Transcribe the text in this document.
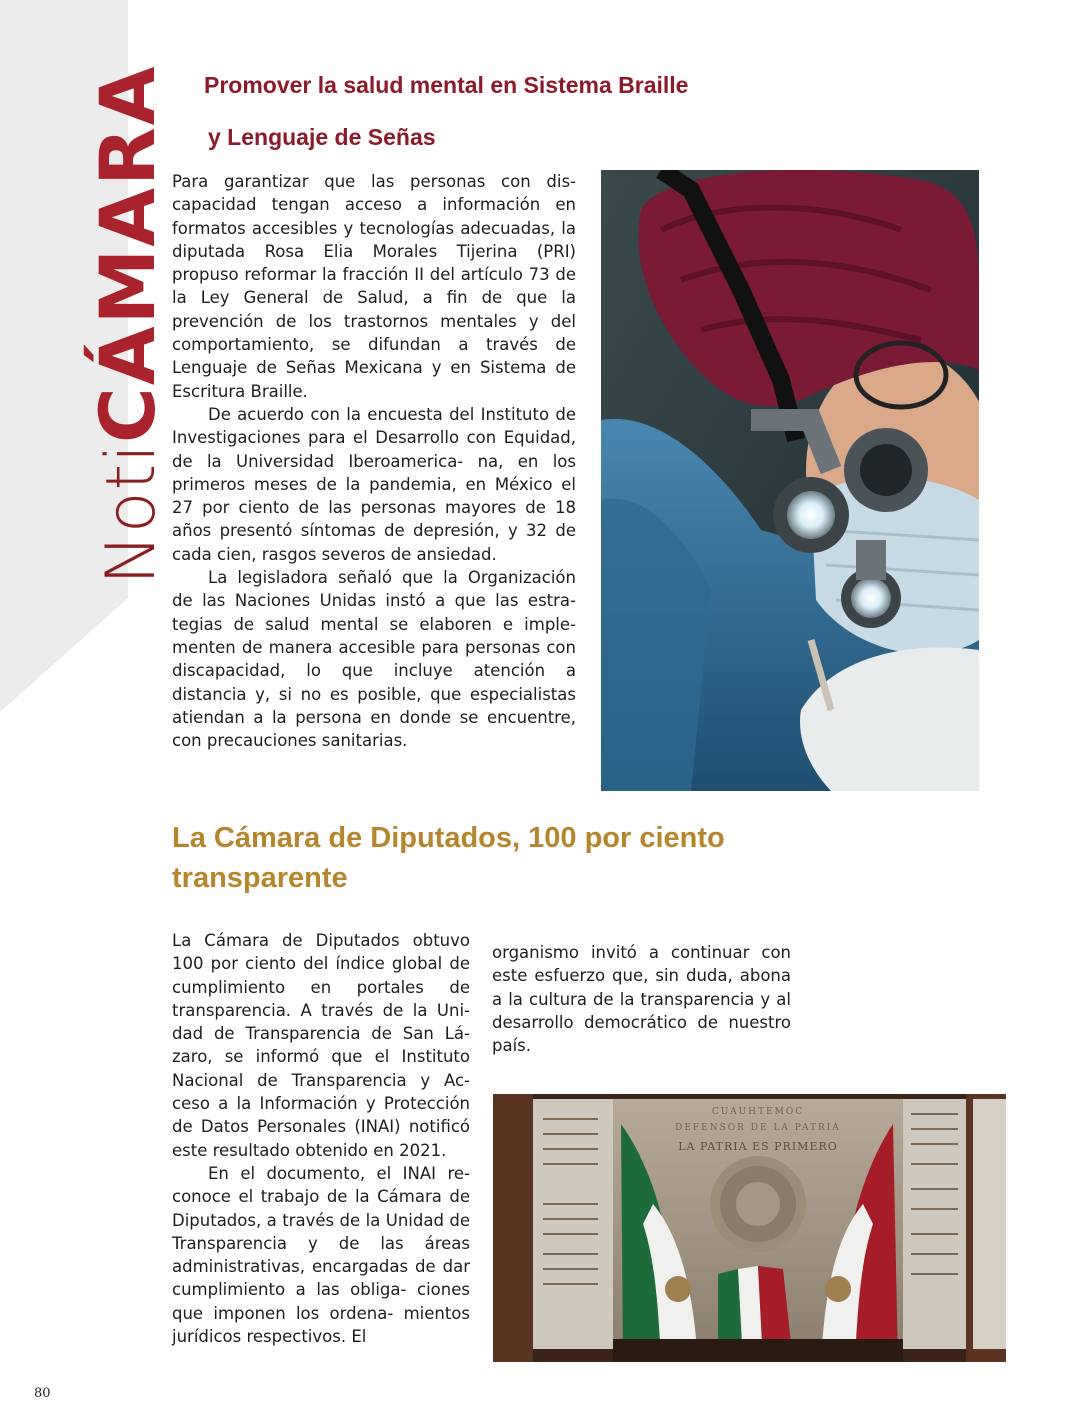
NotiCÁMARA Promover la salud mental en Sistema Braille
y Lenguaje de Señas

Para garantizar que las personas con dis- capacidad tengan acceso a información en formatos accesibles y tecnologías adecuadas, la diputada Rosa Elia Morales Tijerina (PRI) propuso reformar la fracción II del artículo 73 de la Ley General de Salud, a fin de que la prevención de los trastornos mentales y del comportamiento, se difundan a través de Lenguaje de Señas Mexicana y en Sistema de Escritura Braille.

De acuerdo con la encuesta del Instituto de Investigaciones para el Desarrollo con Equidad, de la Universidad Iberoamerica- na, en los primeros meses de la pandemia, en México el 27 por ciento de las personas mayores de 18 años presentó síntomas de depresión, y 32 de cada cien, rasgos severos de ansiedad.

La legisladora señaló que la Organización de las Naciones Unidas instó a que las estra- tegias de salud mental se elaboren e imple- menten de manera accesible para personas con discapacidad, lo que incluye atención a distancia y, si no es posible, que especialistas atiendan a la persona en donde se encuentre, con precauciones sanitarias.

La Cámara de Diputados, 100 por ciento
transparente

La Cámara de Diputados obtuvo 100 por ciento del índice global de cumplimiento en portales de transparencia. A través de la Uni- dad de Transparencia de San Lá- zaro, se informó que el Instituto Nacional de Transparencia y Ac- ceso a la Información y Protección de Datos Personales (INAI) notificó este resultado obtenido en 2021.

En el documento, el INAI re- conoce el trabajo de la Cámara de Diputados, a través de la Unidad de Transparencia y de las áreas administrativas, encargadas de dar cumplimiento a las obliga- ciones que imponen los ordena- mientos jurídicos respectivos. El

organismo invitó a continuar con este esfuerzo que, sin duda, abona a la cultura de la transparencia y al desarrollo democrático de nuestro país.

CUAUHTEMOC
DEFENSOR DE LA PATRIA
LA PATRIA ES PRIMERO
80
